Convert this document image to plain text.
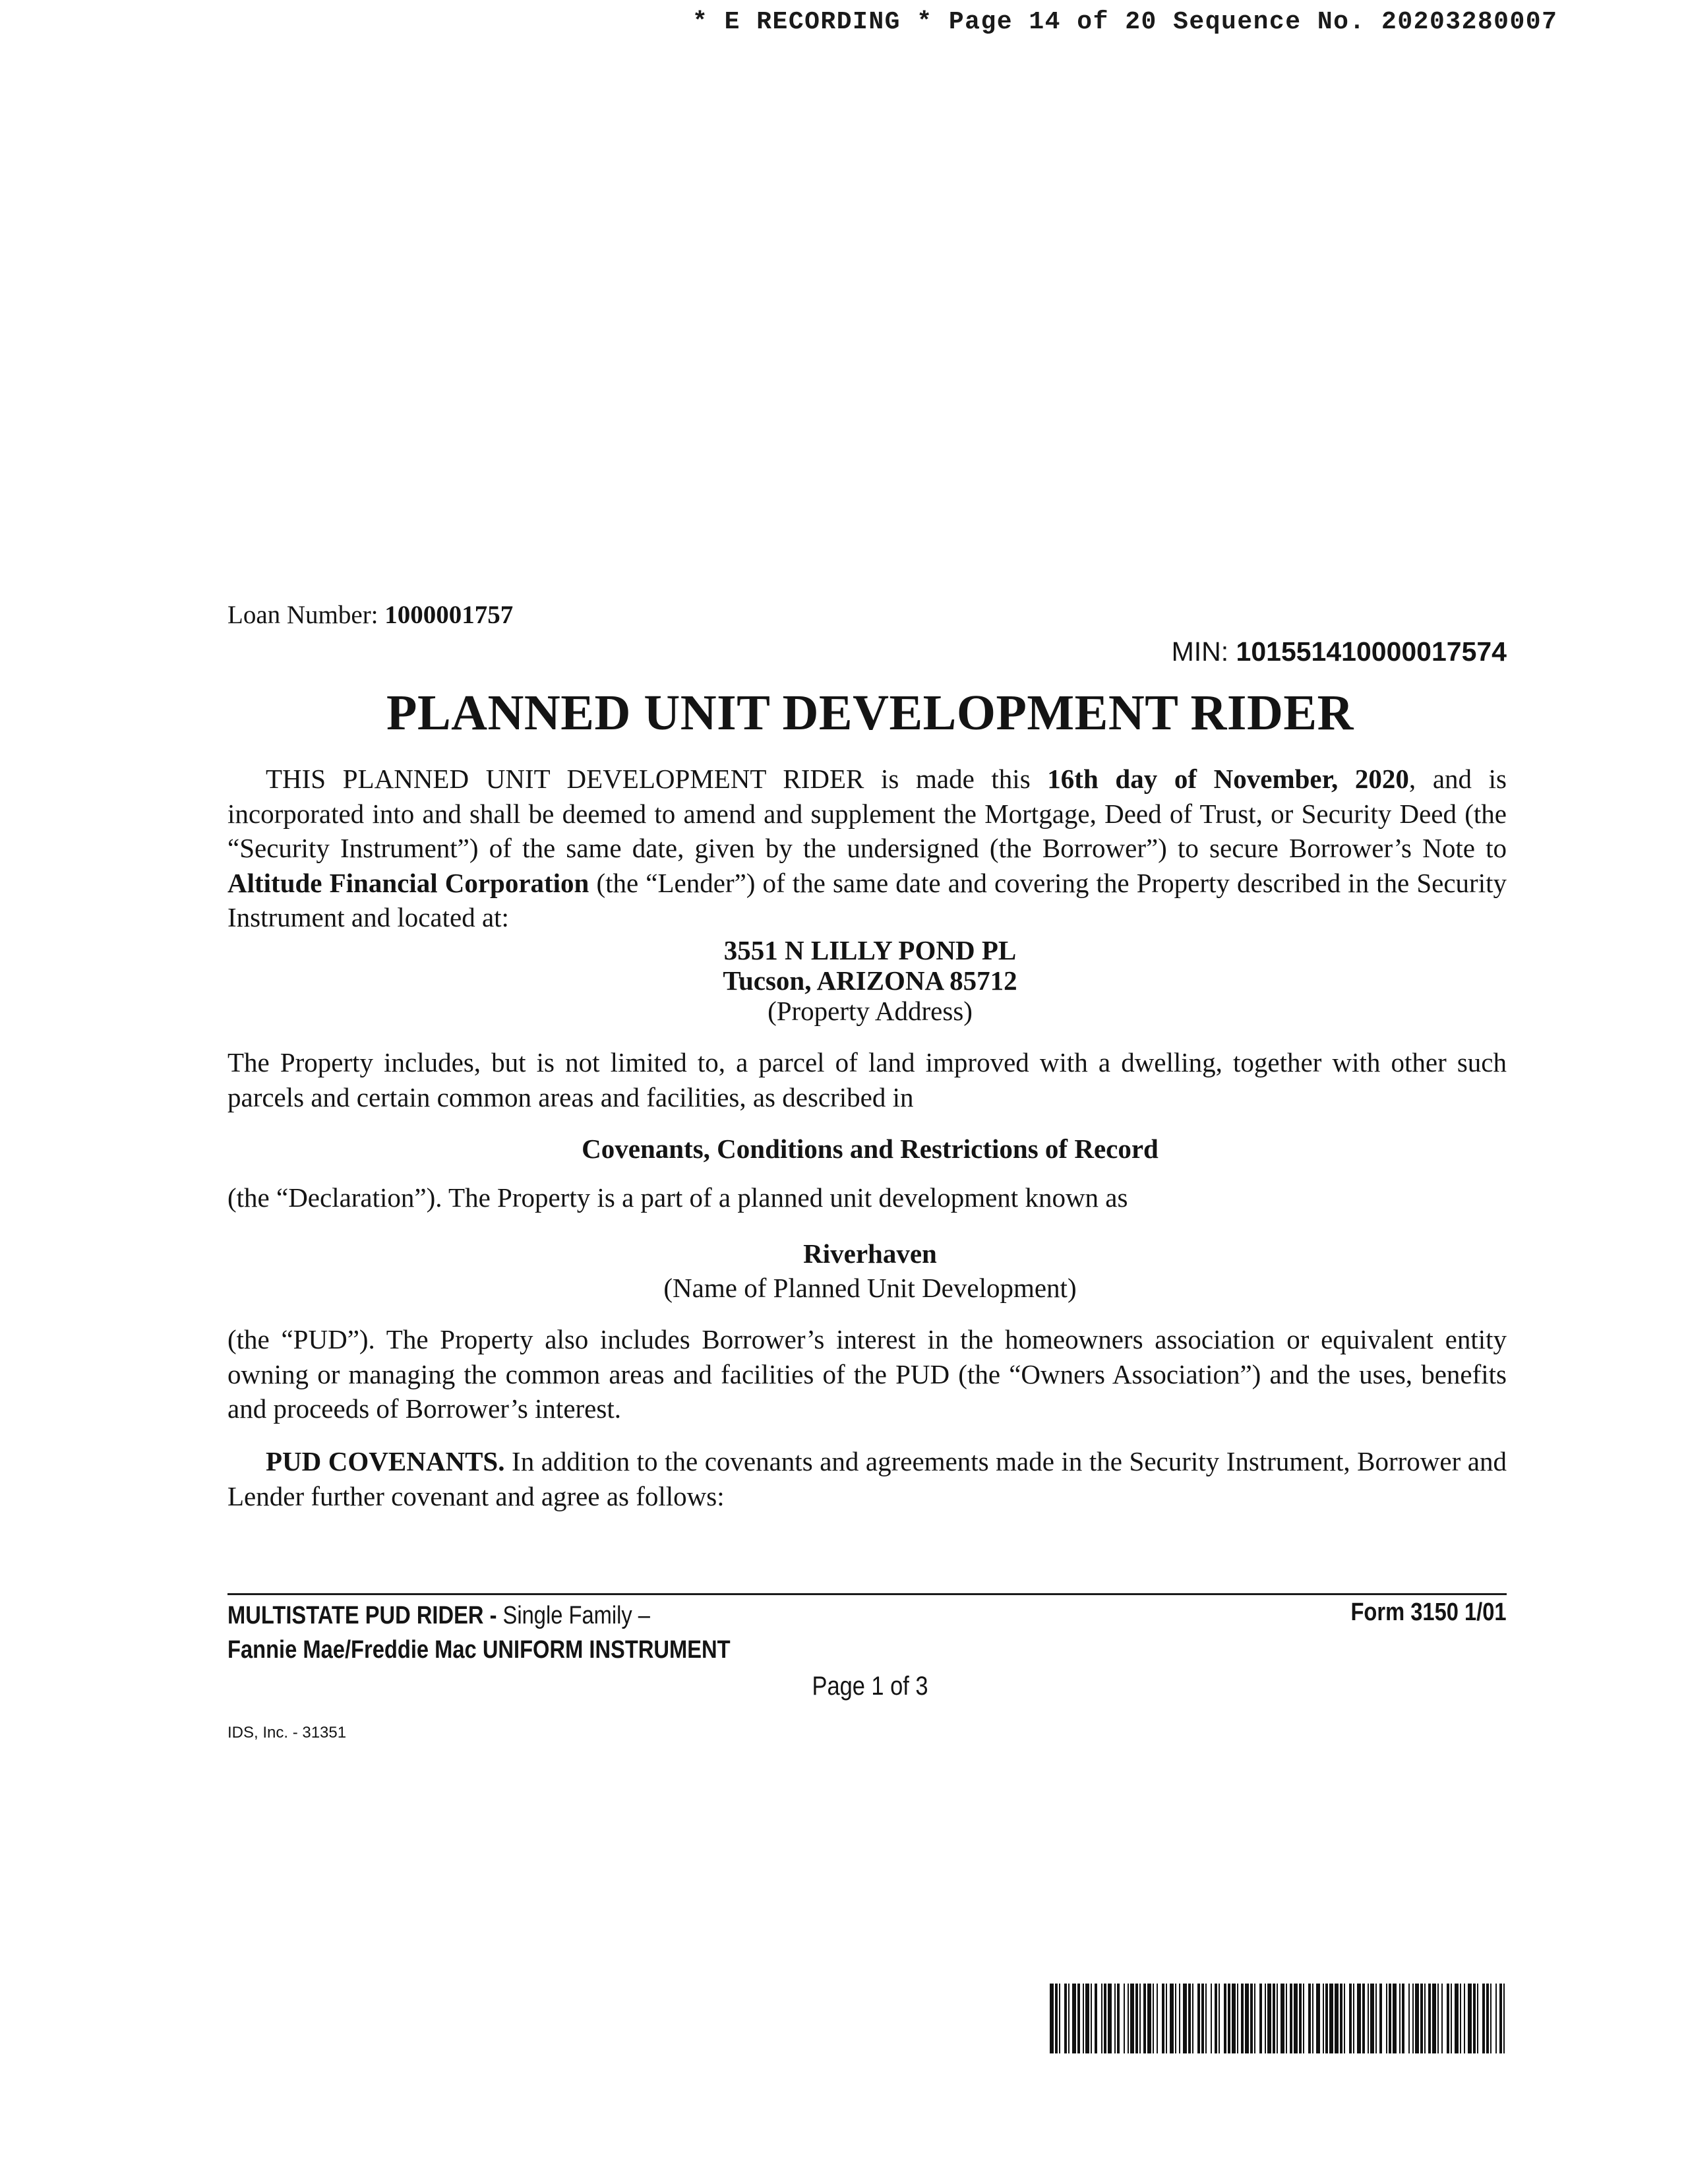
* E RECORDING * Page 14 of 20 Sequence No. 20203280007
Loan Number: 1000001757
MIN: 101551410000017574
PLANNED UNIT DEVELOPMENT RIDER

THIS PLANNED UNIT DEVELOPMENT RIDER is made this 16th day of November, 2020, and is incorporated into and shall be deemed to amend and supplement the Mortgage, Deed of Trust, or Security Deed (the “Security Instrument”) of the same date, given by the undersigned (the Borrower”) to secure Borrower’s Note to Altitude Financial Corporation (the “Lender”) of the same date and covering the Property described in the Security Instrument and located at:

3551 N LILLY POND PL
Tucson, ARIZONA 85712
(Property Address)

The Property includes, but is not limited to, a parcel of land improved with a dwelling, together with other such parcels and certain common areas and facilities, as described in

Covenants, Conditions and Restrictions of Record
(the “Declaration”). The Property is a part of a planned unit development known as
Riverhaven
(Name of Planned Unit Development)

(the “PUD”). The Property also includes Borrower’s interest in the homeowners association or equivalent entity owning or managing the common areas and facilities of the PUD (the “Owners Association”) and the uses, benefits and proceeds of Borrower’s interest.

PUD COVENANTS. In addition to the covenants and agreements made in the Security Instrument, Borrower and Lender further covenant and agree as follows:

MULTISTATE PUD RIDER - Single Family –
Fannie Mae/Freddie Mac UNIFORM INSTRUMENT
Form 3150 1/01
Page 1 of 3
IDS, Inc. - 31351
